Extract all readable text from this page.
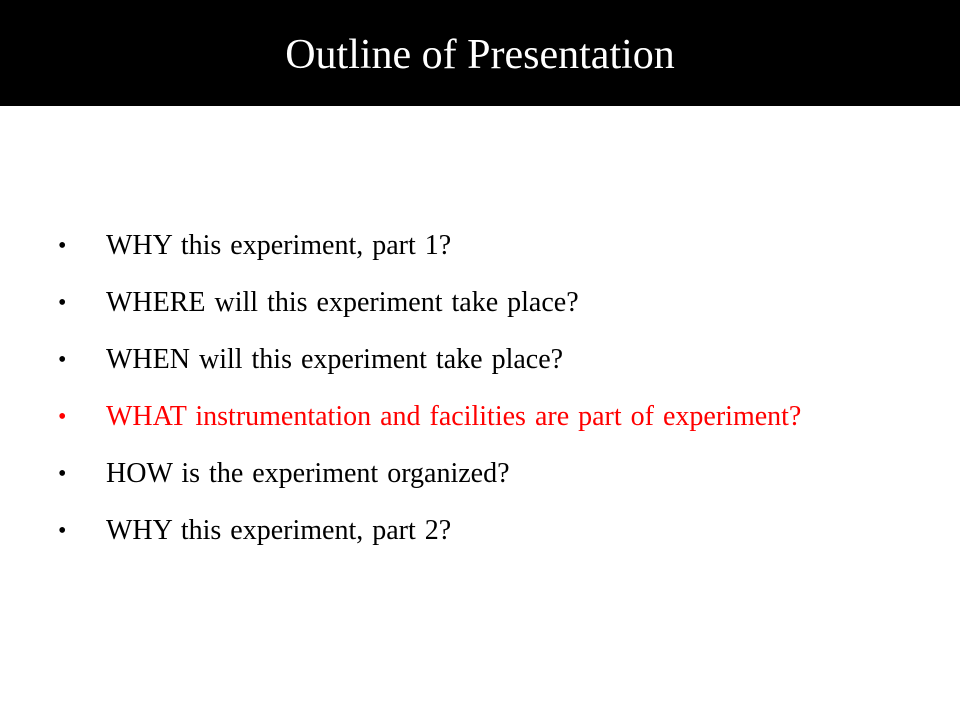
Outline of Presentation
•	WHY this experiment, part 1?
•	WHERE will this experiment take place?
•	WHEN will this experiment take place?
•	WHAT instrumentation and facilities are part of experiment?
•	HOW is the experiment organized?
•	WHY this experiment, part 2?
